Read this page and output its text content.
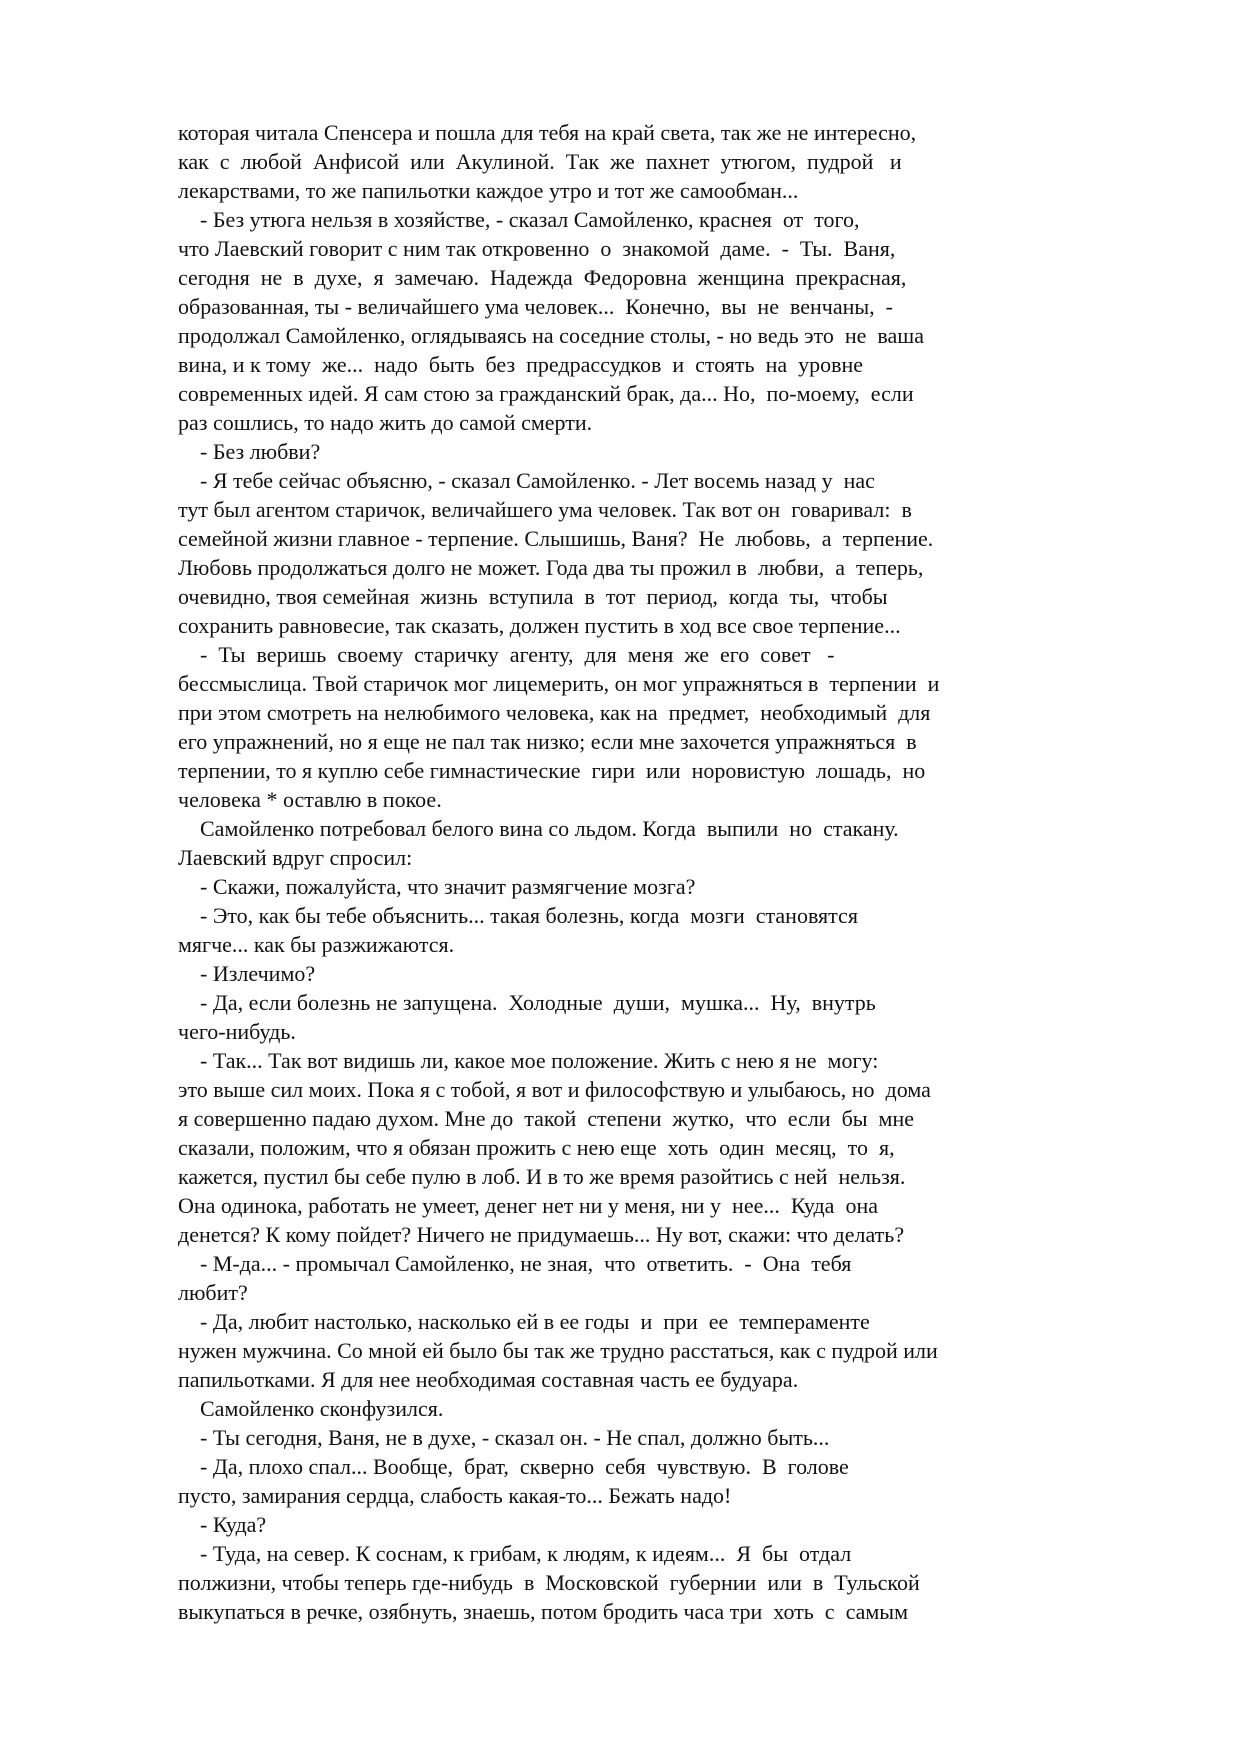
которая читала Спенсера и пошла для тебя на край света, так же не интересно,
как  с  любой  Анфисой  или  Акулиной.  Так  же  пахнет  утюгом,  пудрой   и
лекарствами, то же папильотки каждое утро и тот же самообман...
- Без утюга нельзя в хозяйстве, - сказал Самойленко, краснея  от  того,
что Лаевский говорит с ним так откровенно  о  знакомой  даме.  -  Ты.  Ваня,
сегодня  не  в  духе,  я  замечаю.  Надежда  Федоровна  женщина  прекрасная,
образованная, ты - величайшего ума человек...  Конечно,  вы  не  венчаны,  -
продолжал Самойленко, оглядываясь на соседние столы, - но ведь это  не  ваша
вина, и к тому  же...  надо  быть  без  предрассудков  и  стоять  на  уровне
современных идей. Я сам стою за гражданский брак, да... Но,  по-моему,  если
раз сошлись, то надо жить до самой смерти.
- Без любви?
- Я тебе сейчас объясню, - сказал Самойленко. - Лет восемь назад у  нас
тут был агентом старичок, величайшего ума человек. Так вот он  говаривал:  в
семейной жизни главное - терпение. Слышишь, Ваня?  Не  любовь,  а  терпение.
Любовь продолжаться долго не может. Года два ты прожил в  любви,  а  теперь,
очевидно, твоя семейная  жизнь  вступила  в  тот  период,  когда  ты,  чтобы
сохранить равновесие, так сказать, должен пустить в ход все свое терпение...
-  Ты  веришь  своему  старичку  агенту,  для  меня  же  его  совет   -
бессмыслица. Твой старичок мог лицемерить, он мог упражняться в  терпении  и
при этом смотреть на нелюбимого человека, как на  предмет,  необходимый  для
его упражнений, но я еще не пал так низко; если мне захочется упражняться  в
терпении, то я куплю себе гимнастические  гири  или  норовистую  лошадь,  но
человека * оставлю в покое.
Самойленко потребовал белого вина со льдом. Когда  выпили  но  стакану.
Лаевский вдруг спросил:
- Скажи, пожалуйста, что значит размягчение мозга?
- Это, как бы тебе объяснить... такая болезнь, когда  мозги  становятся
мягче... как бы разжижаются.
- Излечимо?
- Да, если болезнь не запущена.  Холодные  души,  мушка...  Ну,  внутрь
чего-нибудь.
- Так... Так вот видишь ли, какое мое положение. Жить с нею я не  могу:
это выше сил моих. Пока я с тобой, я вот и философствую и улыбаюсь, но  дома
я совершенно падаю духом. Мне до  такой  степени  жутко,  что  если  бы  мне
сказали, положим, что я обязан прожить с нею еще  хоть  один  месяц,  то  я,
кажется, пустил бы себе пулю в лоб. И в то же время разойтись с ней  нельзя.
Она одинока, работать не умеет, денег нет ни у меня, ни у  нее...  Куда  она
денется? К кому пойдет? Ничего не придумаешь... Ну вот, скажи: что делать?
- М-да... - промычал Самойленко, не зная,  что  ответить.  -  Она  тебя
любит?
- Да, любит настолько, насколько ей в ее годы  и  при  ее  темпераменте
нужен мужчина. Со мной ей было бы так же трудно расстаться, как с пудрой или
папильотками. Я для нее необходимая составная часть ее будуара.
Самойленко сконфузился.
- Ты сегодня, Ваня, не в духе, - сказал он. - Не спал, должно быть...
- Да, плохо спал... Вообще,  брат,  скверно  себя  чувствую.  В  голове
пусто, замирания сердца, слабость какая-то... Бежать надо!
- Куда?
- Туда, на север. К соснам, к грибам, к людям, к идеям...  Я  бы  отдал
полжизни, чтобы теперь где-нибудь  в  Московской  губернии  или  в  Тульской
выкупаться в речке, озябнуть, знаешь, потом бродить часа три  хоть  с  самым
